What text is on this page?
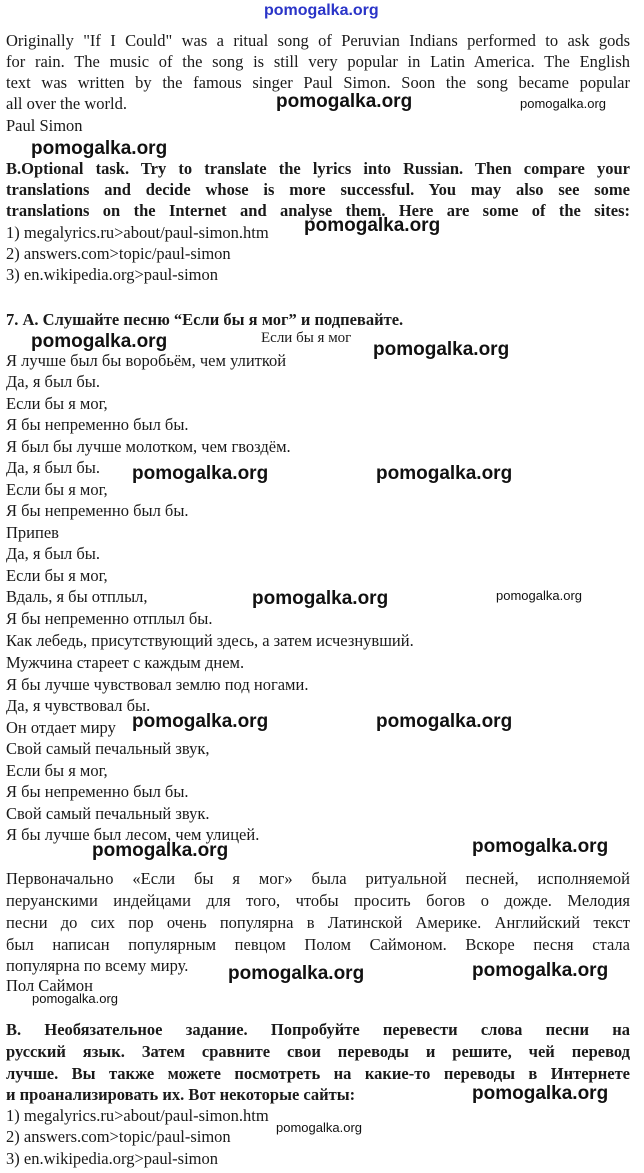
pomogalka.org
Originally "If I Could" was a ritual song of Peruvian Indians performed to ask gods
for rain. The music of the song is still very popular in Latin America. The English
text was written by the famous singer Paul Simon. Soon the song became popular
all over the world.
Paul Simon
pomogalka.org	pomogalka.org
pomogalka.org
B.Optional task. Try to translate the lyrics into Russian. Then compare your
translations and decide whose is more successful. You may also see some
translations on the Internet and analyse them. Here are some of the sites:
1) megalyrics.ru>about/paul-simon.htm
2) answers.com>topic/paul-simon
3) en.wikipedia.org>paul-simon
pomogalka.org
7. А. Слушайте песню “Если бы я мог” и подпевайте.
Если бы я мог
pomogalka.org	pomogalka.org
Я лучше был бы воробьём, чем улиткой
Да, я был бы.
Если бы я мог,
Я бы непременно был бы.
Я был бы лучше молотком, чем гвоздём.
Да, я был бы.
Если бы я мог,
Я бы непременно был бы.
Припев
Да, я был бы.
Если бы я мог,
Вдаль, я бы отплыл,
Я бы непременно отплыл бы.
Как лебедь, присутствующий здесь, а затем исчезнувший.
Мужчина стареет с каждым днем.
Я бы лучше чувствовал землю под ногами.
Да, я чувствовал бы.
Он отдает миру
Свой самый печальный звук,
Если бы я мог,
Я бы непременно был бы.
Свой самый печальный звук.
Я бы лучше был лесом, чем улицей.
pomogalka.org	pomogalka.org
pomogalka.org	pomogalka.org
pomogalka.org	pomogalka.org
pomogalka.org	pomogalka.org
Первоначально «Если бы я мог» была ритуальной песней, исполняемой
перуанскими индейцами для того, чтобы просить богов о дожде. Мелодия
песни до сих пор очень популярна в Латинской Америке. Английский текст
был написан популярным певцом Полом Саймоном. Вскоре песня стала
популярна по всему миру.
Пол Саймон
pomogalka.org	pomogalka.org
pomogalka.org
В. Необязательное задание. Попробуйте перевести слова песни на
русский язык. Затем сравните свои переводы и решите, чей перевод
лучше. Вы также можете посмотреть на какие-то переводы в Интернете
и проанализировать их. Вот некоторые сайты:
1) megalyrics.ru>about/paul-simon.htm
2) answers.com>topic/paul-simon
3) en.wikipedia.org>paul-simon
pomogalka.org
pomogalka.org
